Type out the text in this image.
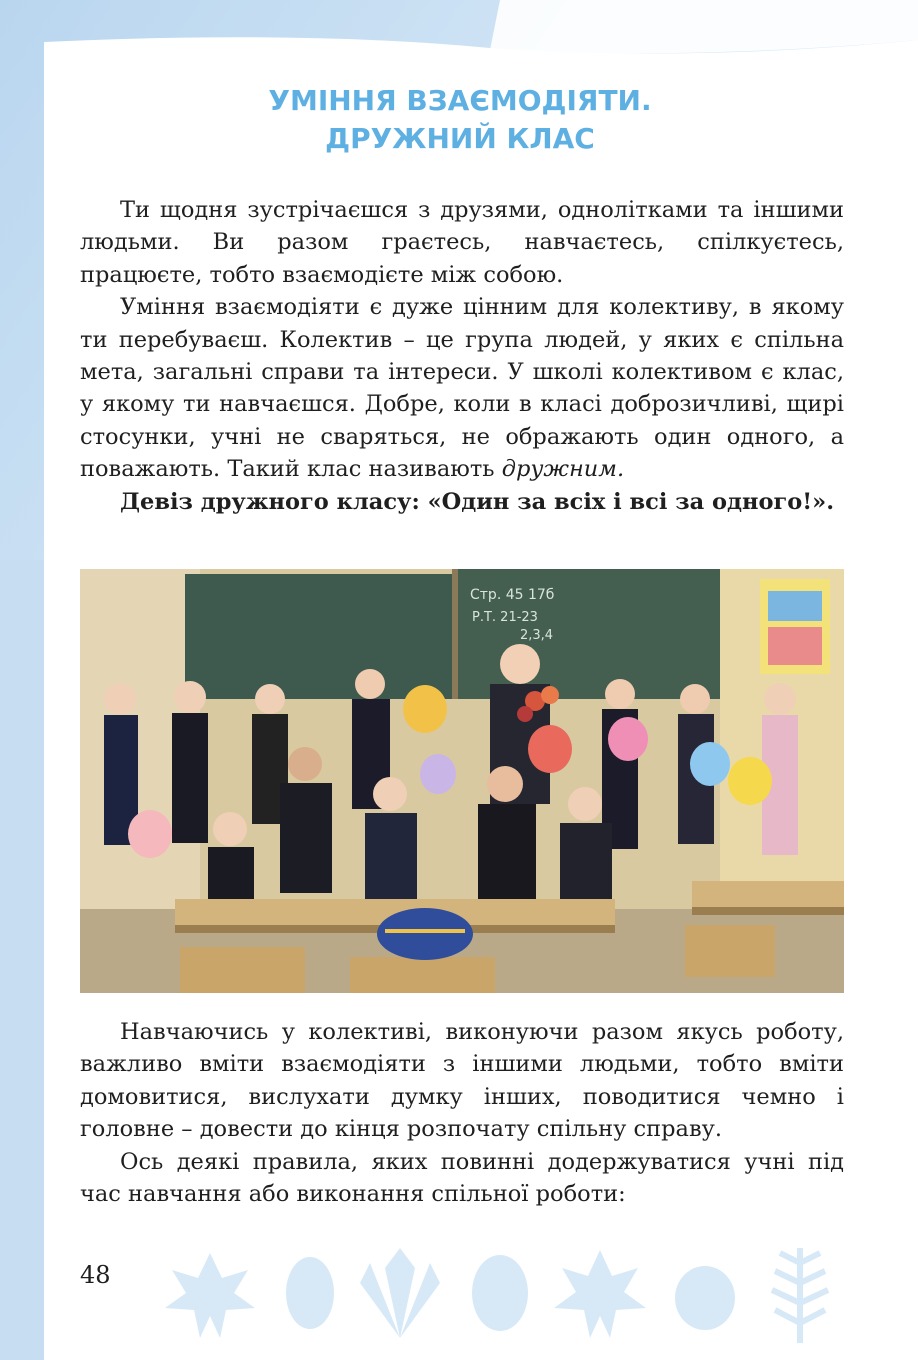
УМІННЯ ВЗАЄМОДІЯТИ.
ДРУЖНИЙ КЛАС

Ти щодня зустрічаєшся з друзями, однолітками та іншими людьми. Ви разом граєтесь, навчаєтесь, спілкуєтесь, працюєте, тобто взаємодієте між собою.

Уміння взаємодіяти є дуже цінним для колективу, в якому ти перебуваєш. Колектив – це група людей, у яких є спільна мета, загальні справи та інтереси. У школі колективом є клас, у якому ти навчаєшся. Добре, коли в класі доброзичливі, щирі стосунки, учні не сваряться, не ображають один одного, а поважають. Такий клас називають дружним.

Девіз дружного класу: «Один за всіх і всі за одного!».

Стр. 45 17б
Р.Т. 21-23
2,3,4

Навчаючись у колективі, виконуючи разом якусь роботу, важливо вміти взаємодіяти з іншими людьми, тобто вміти домовитися, вислухати думку інших, поводитися чемно і головне – довести до кінця розпочату спільну справу.

Ось деякі правила, яких повинні додержуватися учні під час навчання або виконання спільної роботи:

48
